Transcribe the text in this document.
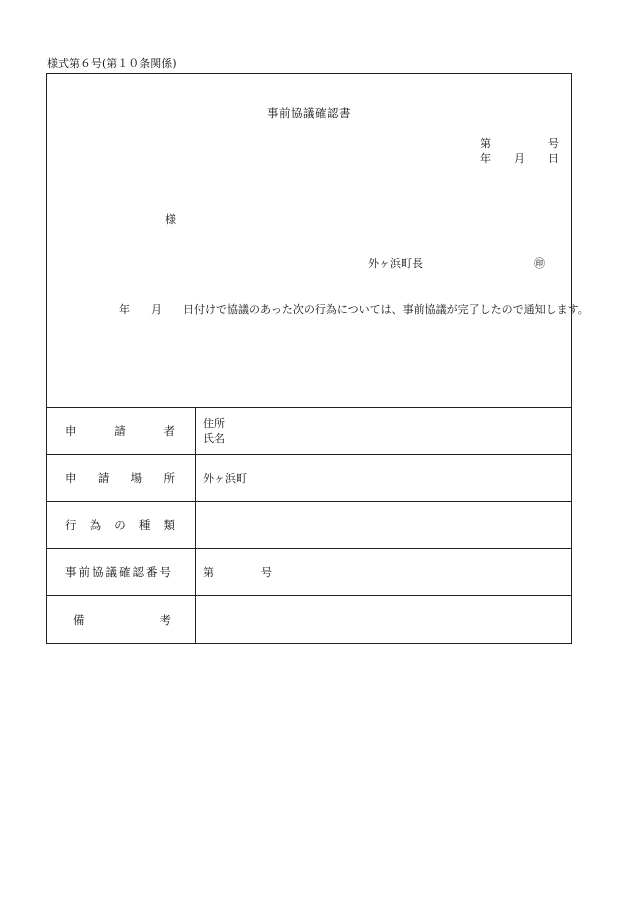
様式第６号(第１０条関係)
事前協議確認書
第	号
年 月 日
様
外ヶ浜町長	㊞
年 月 日付けで協議のあった次の行為については、事前協議が完了したので通知します。
申	請	者
住所
氏名
申 請 場 所	外ヶ浜町
行 為 の 種 類
事 前 協 議 確 認 番 号	第	号
備	考
